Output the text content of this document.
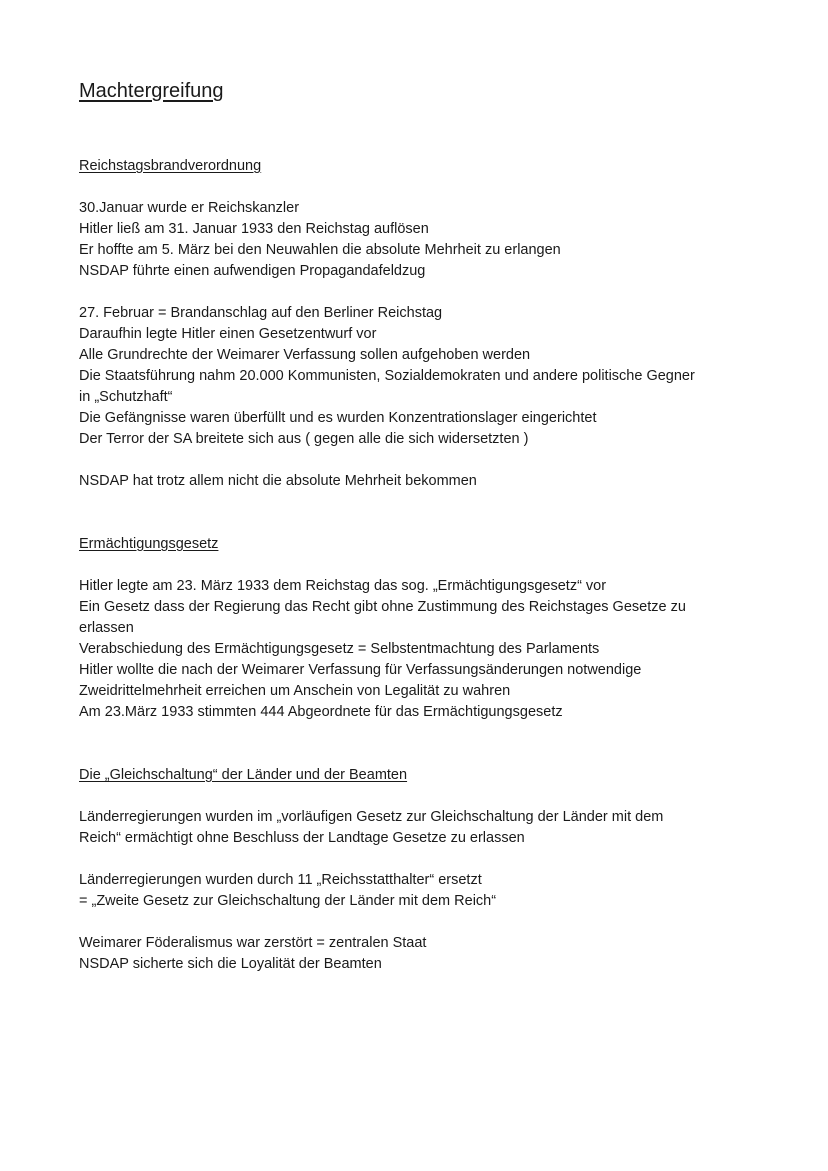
Machtergreifung
Reichstagsbrandverordnung
30.Januar wurde er Reichskanzler
Hitler ließ am 31. Januar 1933 den Reichstag auflösen
Er hoffte am 5. März bei den Neuwahlen die absolute Mehrheit zu erlangen
NSDAP führte einen aufwendigen Propagandafeldzug
27. Februar = Brandanschlag auf den Berliner Reichstag
Daraufhin legte Hitler einen Gesetzentwurf vor
Alle Grundrechte der Weimarer Verfassung sollen aufgehoben werden
Die Staatsführung nahm 20.000 Kommunisten, Sozialdemokraten und andere politische Gegner
in „Schutzhaft“
Die Gefängnisse waren überfüllt und es wurden Konzentrationslager eingerichtet
Der Terror der SA breitete sich aus ( gegen alle die sich widersetzten )
NSDAP hat trotz allem nicht die absolute Mehrheit bekommen
Ermächtigungsgesetz
Hitler legte am 23. März 1933 dem Reichstag das sog. „Ermächtigungsgesetz“ vor
Ein Gesetz dass der Regierung das Recht gibt ohne Zustimmung des Reichstages Gesetze zu
erlassen
Verabschiedung des Ermächtigungsgesetz = Selbstentmachtung des Parlaments
Hitler wollte die nach der Weimarer Verfassung für Verfassungsänderungen notwendige
Zweidrittelmehrheit erreichen um Anschein von Legalität zu wahren
Am 23.März 1933 stimmten 444 Abgeordnete für das Ermächtigungsgesetz
Die „Gleichschaltung“ der Länder und der Beamten
Länderregierungen wurden im „vorläufigen Gesetz zur Gleichschaltung der Länder mit dem
Reich“ ermächtigt ohne Beschluss der Landtage Gesetze zu erlassen
Länderregierungen wurden durch 11 „Reichsstatthalter“ ersetzt
= „Zweite Gesetz zur Gleichschaltung der Länder mit dem Reich“
Weimarer Föderalismus war zerstört = zentralen Staat
NSDAP sicherte sich die Loyalität der Beamten
